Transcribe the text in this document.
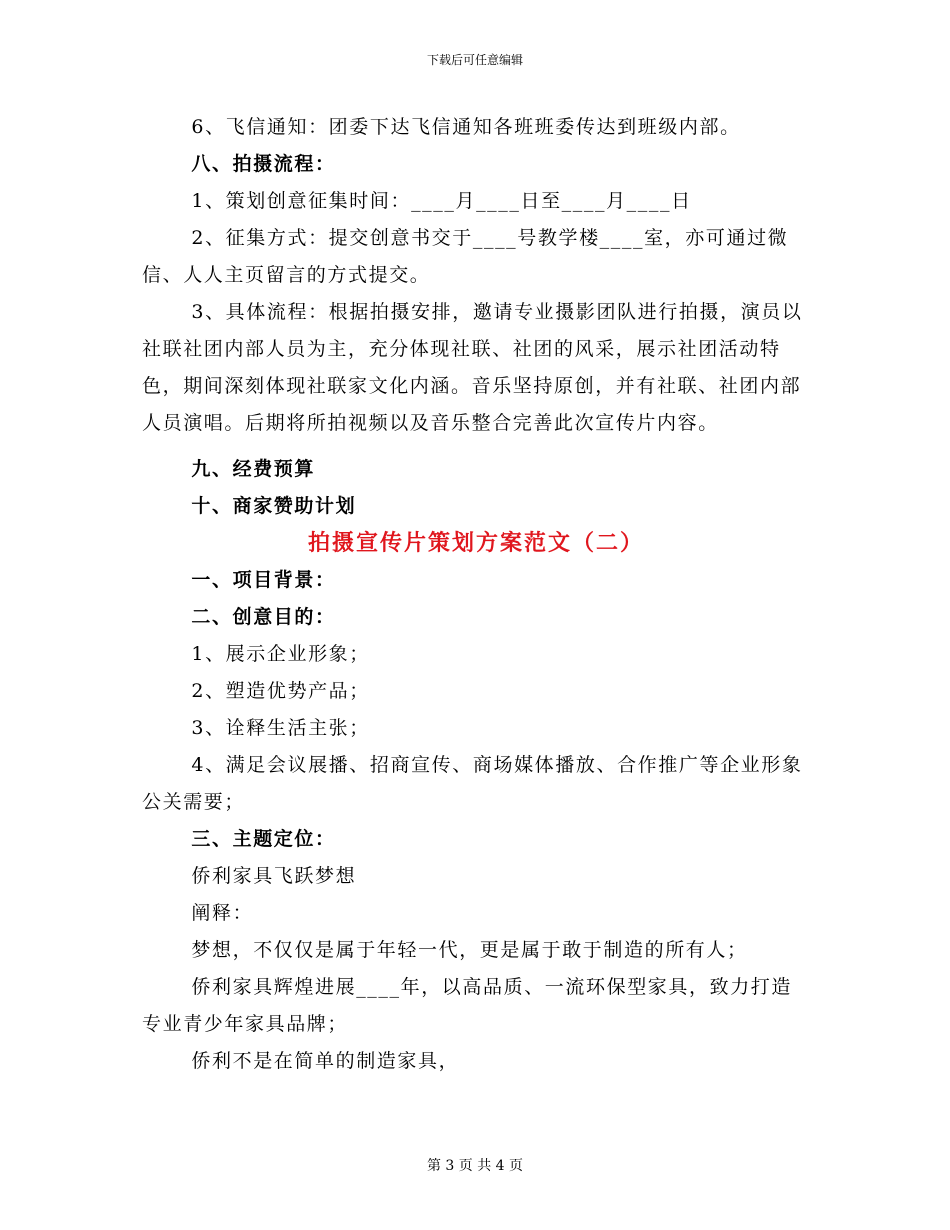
下载后可任意编辑

6、飞信通知：团委下达飞信通知各班班委传达到班级内部。

八、拍摄流程：

1、策划创意征集时间：____月____日至____月____日

2、征集方式：提交创意书交于____号教学楼____室，亦可通过微信、人人主页留言的方式提交。

3、具体流程：根据拍摄安排，邀请专业摄影团队进行拍摄，演员以社联社团内部人员为主，充分体现社联、社团的风采，展示社团活动特色，期间深刻体现社联家文化内涵。音乐坚持原创，并有社联、社团内部人员演唱。后期将所拍视频以及音乐整合完善此次宣传片内容。

九、经费预算

十、商家赞助计划

拍摄宣传片策划方案范文（二）

一、项目背景：

二、创意目的：

1、展示企业形象；

2、塑造优势产品；

3、诠释生活主张；

4、满足会议展播、招商宣传、商场媒体播放、合作推广等企业形象公关需要；

三、主题定位：

侨利家具飞跃梦想

阐释：

梦想，不仅仅是属于年轻一代，更是属于敢于制造的所有人；

侨利家具辉煌进展____年，以高品质、一流环保型家具，致力打造专业青少年家具品牌；

侨利不是在简单的制造家具，

第 3 页 共 4 页
